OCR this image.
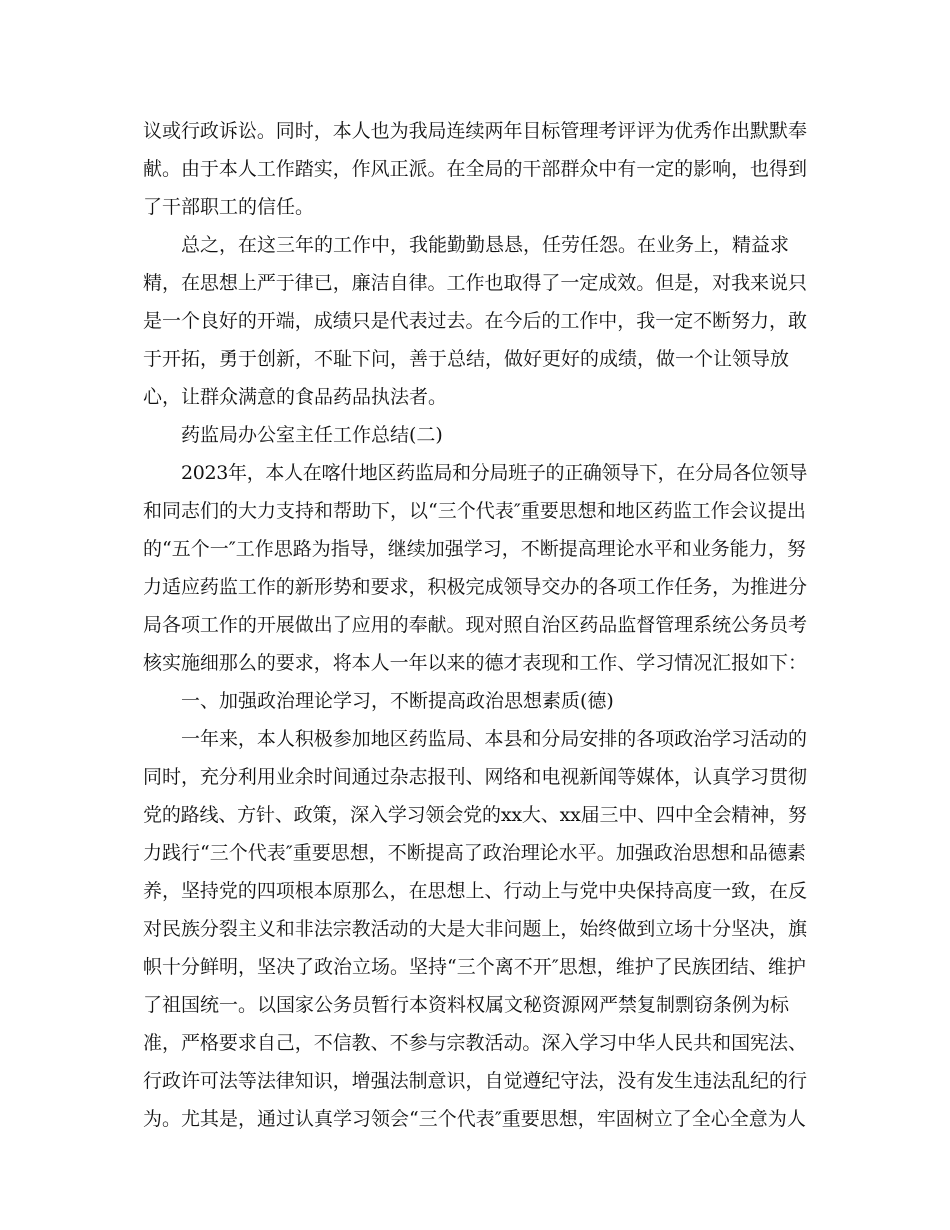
议或行政诉讼。同时，本人也为我局连续两年目标管理考评评为优秀作出默默奉
献。由于本人工作踏实，作风正派。在全局的干部群众中有一定的影响，也得到
了干部职工的信任。
总之，在这三年的工作中，我能勤勤恳恳，任劳任怨。在业务上，精益求
精，在思想上严于律已，廉洁自律。工作也取得了一定成效。但是，对我来说只
是一个良好的开端，成绩只是代表过去。在今后的工作中，我一定不断努力，敢
于开拓，勇于创新，不耻下问，善于总结，做好更好的成绩，做一个让领导放
心，让群众满意的食品药品执法者。
药监局办公室主任工作总结(二)
2023年，本人在喀什地区药监局和分局班子的正确领导下，在分局各位领导
和同志们的大力支持和帮助下，以“三个代表″重要思想和地区药监工作会议提出
的“五个一″工作思路为指导，继续加强学习，不断提高理论水平和业务能力，努
力适应药监工作的新形势和要求，积极完成领导交办的各项工作任务，为推进分
局各项工作的开展做出了应用的奉献。现对照自治区药品监督管理系统公务员考
核实施细那么的要求，将本人一年以来的德才表现和工作、学习情况汇报如下：
一、加强政治理论学习，不断提高政治思想素质(德)
一年来，本人积极参加地区药监局、本县和分局安排的各项政治学习活动的
同时，充分利用业余时间通过杂志报刊、网络和电视新闻等媒体，认真学习贯彻
党的路线、方针、政策，深入学习领会党的xx大、xx届三中、四中全会精神，努
力践行“三个代表″重要思想，不断提高了政治理论水平。加强政治思想和品德素
养，坚持党的四项根本原那么，在思想上、行动上与党中央保持高度一致，在反
对民族分裂主义和非法宗教活动的大是大非问题上，始终做到立场十分坚决，旗
帜十分鲜明，坚决了政治立场。坚持“三个离不开″思想，维护了民族团结、维护
了祖国统一。以国家公务员暂行本资料权属文秘资源网严禁复制剽窃条例为标
准，严格要求自己，不信教、不参与宗教活动。深入学习中华人民共和国宪法、
行政许可法等法律知识，增强法制意识，自觉遵纪守法，没有发生违法乱纪的行
为。尤其是，通过认真学习领会“三个代表″重要思想，牢固树立了全心全意为人
